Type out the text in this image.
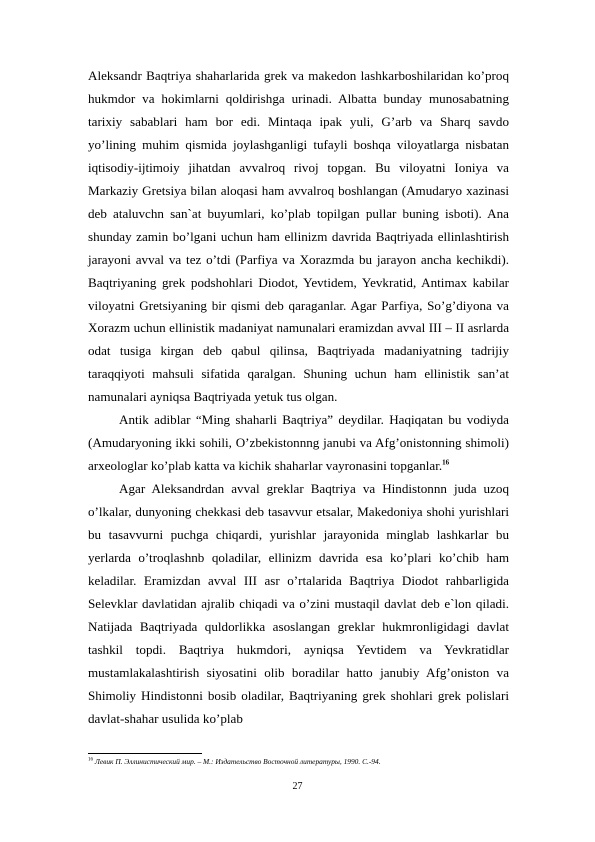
Aleksandr Baqtriya shaharlarida grek va makedon lashkarboshilaridan ko’proq hukmdor va hokimlarni qoldirishga urinadi. Albatta bunday munosabatning tarixiy sabablari ham bor edi. Mintaqa ipak yuli, G’arb va Sharq savdo yo’lining muhim qismida joylashganligi tufayli boshqa viloyatlarga nisbatan iqtisodiy-ijtimoiy jihatdan avvalroq rivoj topgan. Bu viloyatni Ioniya va Markaziy Gretsiya bilan aloqasi ham avvalroq boshlangan (Amudaryo xazinasi deb ataluvchn san`at buyumlari, ko’plab topilgan pullar buning isboti). Ana shunday zamin bo’lgani uchun ham ellinizm davrida Baqtriyada ellinlashtirish jarayoni avval va tez o’tdi (Parfiya va Xorazmda bu jarayon ancha kechikdi). Baqtriyaning grek podshohlari Diodot, Yevtidem, Yevkratid, Antimax kabilar viloyatni Gretsiyaning bir qismi deb qaraganlar. Agar Parfiya, So’g’diyona va Xorazm uchun ellinistik madaniyat namunalari eramizdan avval III – II asrlarda odat tusiga kirgan deb qabul qilinsa, Baqtriyada madaniyatning tadrijiy taraqqiyoti mahsuli sifatida qaralgan. Shuning uchun ham ellinistik san’at namunalari ayniqsa Baqtriyada yetuk tus olgan.

Antik adiblar “Ming shaharli Baqtriya” deydilar. Haqiqatan bu vodiyda (Amudaryoning ikki sohili, O’zbekistonnng janubi va Afg’onistonning shimoli) arxeologlar ko’plab katta va kichik shaharlar vayronasini topganlar.$^{16}$

Agar Aleksandrdan avval greklar Baqtriya va Hindistonnn juda uzoq o’lkalar, dunyoning chekkasi deb tasavvur etsalar, Makedoniya shohi yurishlari bu tasavvurni puchga chiqardi, yurishlar jarayonida minglab lashkarlar bu yerlarda o’troqlashnb qoladilar, ellinizm davrida esa ko’plari ko’chib ham keladilar. Eramizdan avval III asr o’rtalarida Baqtriya Diodot rahbarligida Selevklar davlatidan ajralib chiqadi va o’zini mustaqil davlat deb e`lon qiladi. Natijada Baqtriyada quldorlikka asoslangan greklar hukmronligidagi davlat tashkil topdi. Baqtriya hukmdori, ayniqsa Yevtidem va Yevkratidlar mustamlakalashtirish siyosatini olib boradilar hatto janubiy Afg’oniston va Shimoliy Hindistonni bosib oladilar, Baqtriyaning grek shohlari grek polislari davlat-shahar usulida ko’plab

$^{16}$ Левик П. Эллинистический мир. – М.: Издательство Восточной литературы, 1990. С.-94.
27
